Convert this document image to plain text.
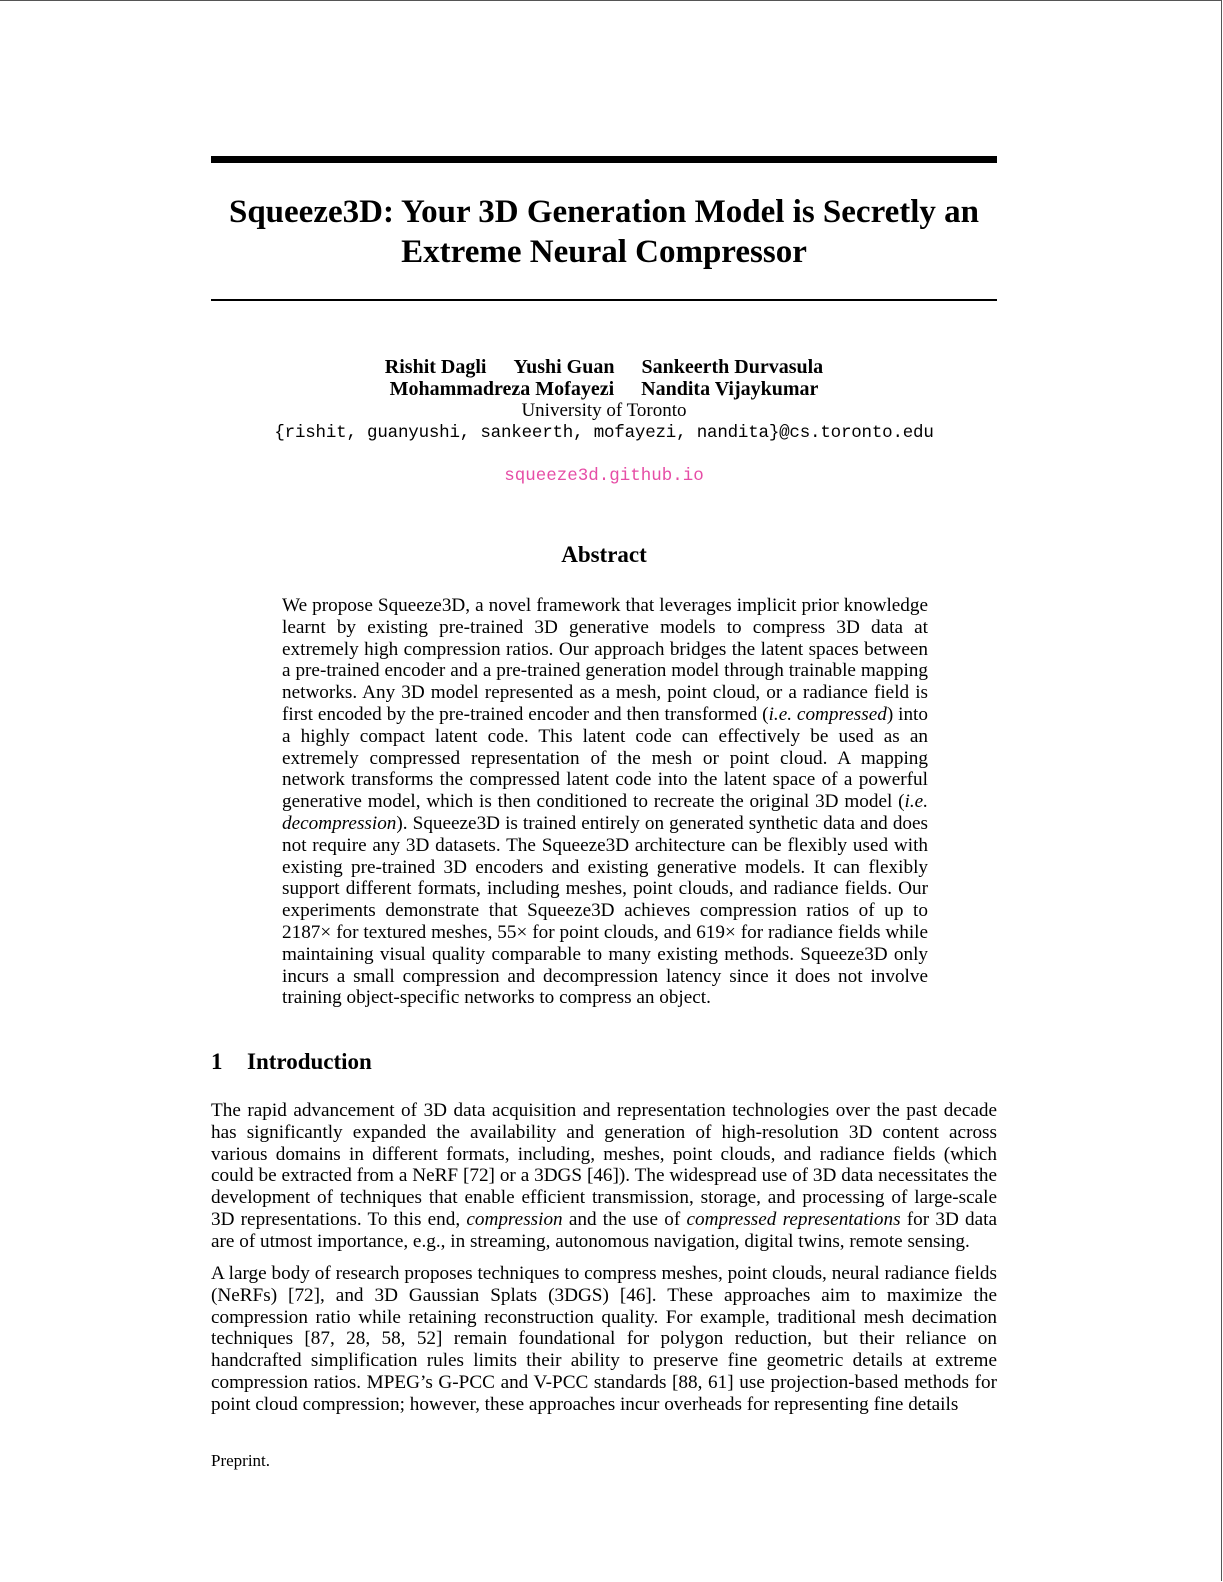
Squeeze3D: Your 3D Generation Model is Secretly an
Extreme Neural Compressor
Rishit Dagli Yushi Guan Sankeerth Durvasula
Mohammadreza Mofayezi Nandita Vijaykumar
University of Toronto
{rishit, guanyushi, sankeerth, mofayezi, nandita}@cs.toronto.edu
squeeze3d.github.io
Abstract

We propose Squeeze3D, a novel framework that leverages implicit prior knowledge learnt by existing pre-trained 3D generative models to compress 3D data at extremely high compression ratios. Our approach bridges the latent spaces between a pre-trained encoder and a pre-trained generation model through trainable mapping networks. Any 3D model represented as a mesh, point cloud, or a radiance field is first encoded by the pre-trained encoder and then transformed (i.e. compressed) into a highly compact latent code. This latent code can effectively be used as an extremely compressed representation of the mesh or point cloud. A mapping network transforms the compressed latent code into the latent space of a powerful generative model, which is then conditioned to recreate the original 3D model (i.e. decompression). Squeeze3D is trained entirely on generated synthetic data and does not require any 3D datasets. The Squeeze3D architecture can be flexibly used with existing pre-trained 3D encoders and existing generative models. It can flexibly support different formats, including meshes, point clouds, and radiance fields. Our experiments demonstrate that Squeeze3D achieves compression ratios of up to 2187× for textured meshes, 55× for point clouds, and 619× for radiance fields while maintaining visual quality comparable to many existing methods. Squeeze3D only incurs a small compression and decompression latency since it does not involve training object-specific networks to compress an object.

1 Introduction

The rapid advancement of 3D data acquisition and representation technologies over the past decade has significantly expanded the availability and generation of high-resolution 3D content across various domains in different formats, including, meshes, point clouds, and radiance fields (which could be extracted from a NeRF [72] or a 3DGS [46]). The widespread use of 3D data necessitates the development of techniques that enable efficient transmission, storage, and processing of large-scale 3D representations. To this end, compression and the use of compressed representations for 3D data are of utmost importance, e.g., in streaming, autonomous navigation, digital twins, remote sensing.

A large body of research proposes techniques to compress meshes, point clouds, neural radiance fields (NeRFs) [72], and 3D Gaussian Splats (3DGS) [46]. These approaches aim to maximize the compression ratio while retaining reconstruction quality. For example, traditional mesh decimation techniques [87, 28, 58, 52] remain foundational for polygon reduction, but their reliance on handcrafted simplification rules limits their ability to preserve fine geometric details at extreme compression ratios. MPEG’s G-PCC and V-PCC standards [88, 61] use projection-based methods for point cloud compression; however, these approaches incur overheads for representing fine details

Preprint.
